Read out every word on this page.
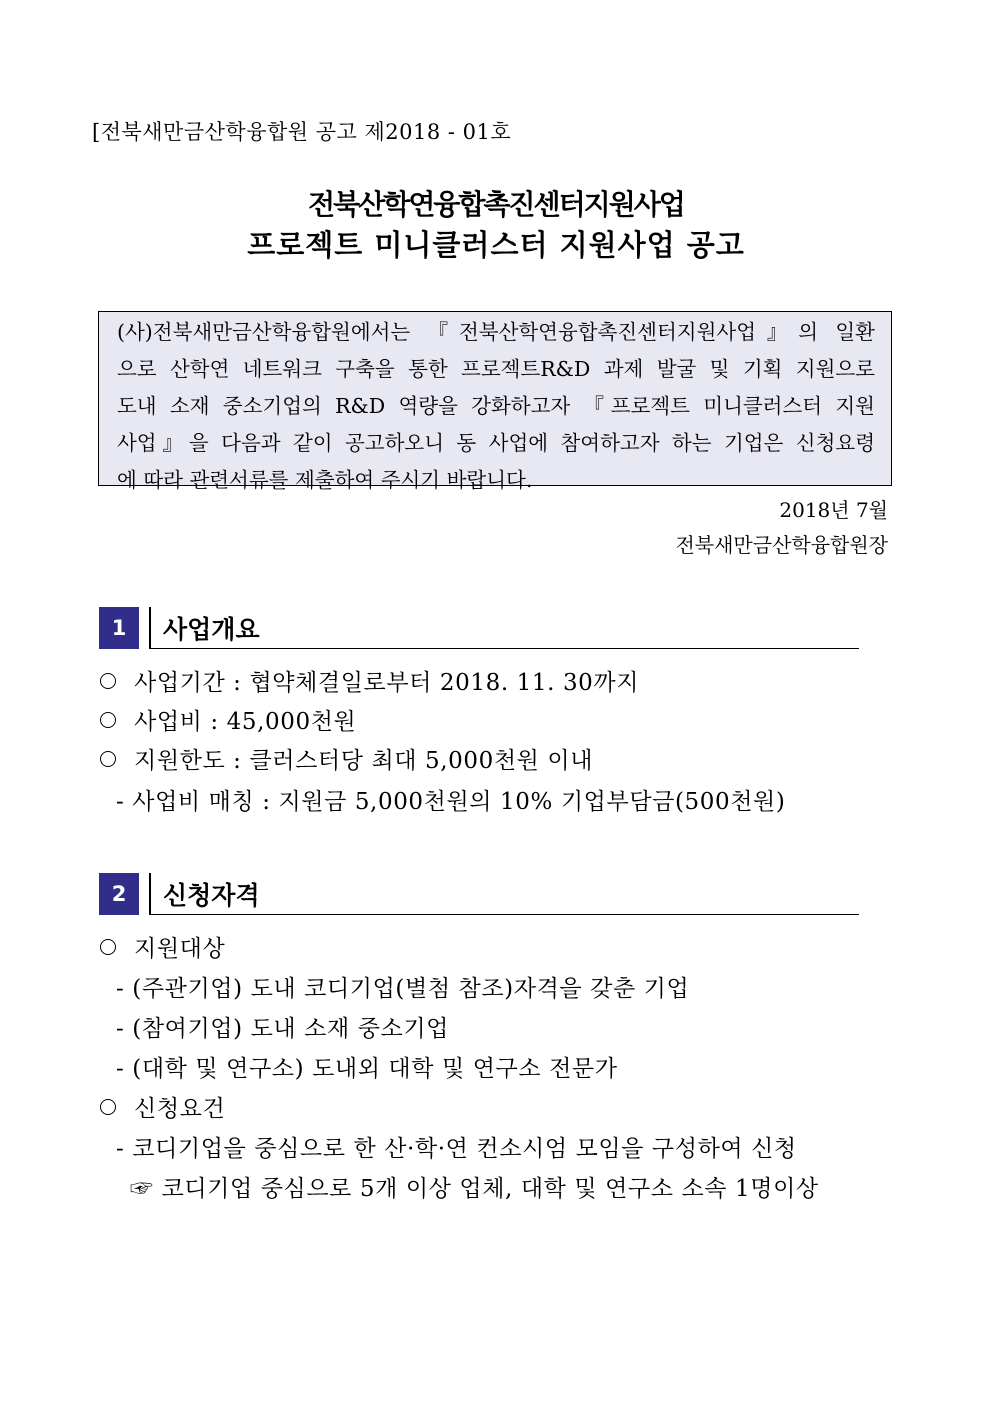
[전북새만금산학융합원 공고 제2018 - 01호
전북산학연융합촉진센터지원사업
프로젝트 미니클러스터 지원사업 공고
(사)전북새만금산학융합원에서는 『전북산학연융합촉진센터지원사업』의 일환
으로 산학연 네트워크 구축을 통한 프로젝트R&D 과제 발굴 및 기획 지원으로
도내 소재 중소기업의 R&D 역량을 강화하고자 『프로젝트 미니클러스터 지원
사업』을 다음과 같이 공고하오니 동 사업에 참여하고자 하는 기업은 신청요령
에 따라 관련서류를 제출하여 주시기 바랍니다.
2018년 7월
전북새만금산학융합원장
1	사업개요
사업기간 : 협약체결일로부터 2018. 11. 30까지
사업비 : 45,000천원
지원한도 : 클러스터당 최대 5,000천원 이내
- 사업비 매칭 : 지원금 5,000천원의 10% 기업부담금(500천원)
2	신청자격
지원대상
- (주관기업) 도내 코디기업(별첨 참조)자격을 갖춘 기업
- (참여기업) 도내 소재 중소기업
- (대학 및 연구소) 도내외 대학 및 연구소 전문가
신청요건
- 코디기업을 중심으로 한 산·학·연 컨소시엄 모임을 구성하여 신청
☞ 코디기업 중심으로 5개 이상 업체, 대학 및 연구소 소속 1명이상
